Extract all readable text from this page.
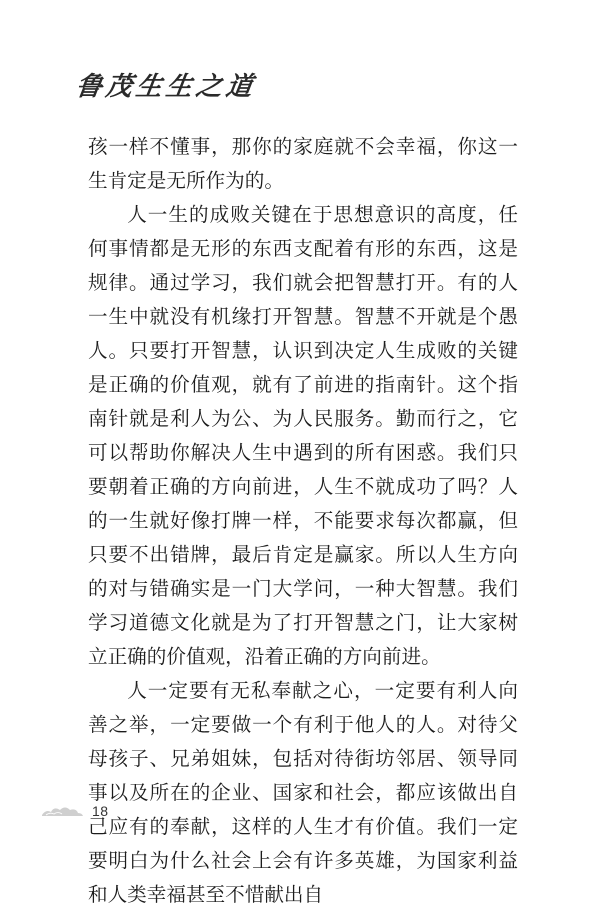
鲁茂生生之道

孩一样不懂事，那你的家庭就不会幸福，你这一生肯定是无所作为的。

人一生的成败关键在于思想意识的高度，任何事情都是无形的东西支配着有形的东西，这是规律。通过学习，我们就会把智慧打开。有的人一生中就没有机缘打开智慧。智慧不开就是个愚人。只要打开智慧，认识到决定人生成败的关键是正确的价值观，就有了前进的指南针。这个指南针就是利人为公、为人民服务。勤而行之，它可以帮助你解决人生中遇到的所有困惑。我们只要朝着正确的方向前进，人生不就成功了吗？人的一生就好像打牌一样，不能要求每次都赢，但只要不出错牌，最后肯定是赢家。所以人生方向的对与错确实是一门大学问，一种大智慧。我们学习道德文化就是为了打开智慧之门，让大家树立正确的价值观，沿着正确的方向前进。

人一定要有无私奉献之心，一定要有利人向善之举，一定要做一个有利于他人的人。对待父母孩子、兄弟姐妹，包括对待街坊邻居、领导同事以及所在的企业、国家和社会，都应该做出自己应有的奉献，这样的人生才有价值。我们一定要明白为什么社会上会有许多英雄，为国家利益和人类幸福甚至不惜献出自

18
